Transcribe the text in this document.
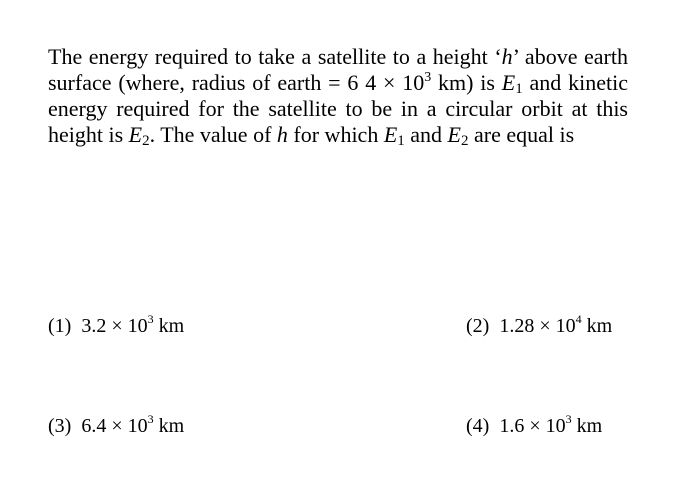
The energy required to take a satellite to a height ‘h’ above earth surface (where, radius of earth = 6 $4 \times 10^3$ km) is $E_1$ and kinetic energy required for the satellite to be in a circular orbit at this height is $E_2$. The value of h for which $E_1$ and $E_2$ are equal is

(1) $3.2 \times 10^3$ km	(2) $1.28 \times 10^4$ km
(3) $6.4 \times 10^3$ km	(4) $1.6 \times 10^3$ km
